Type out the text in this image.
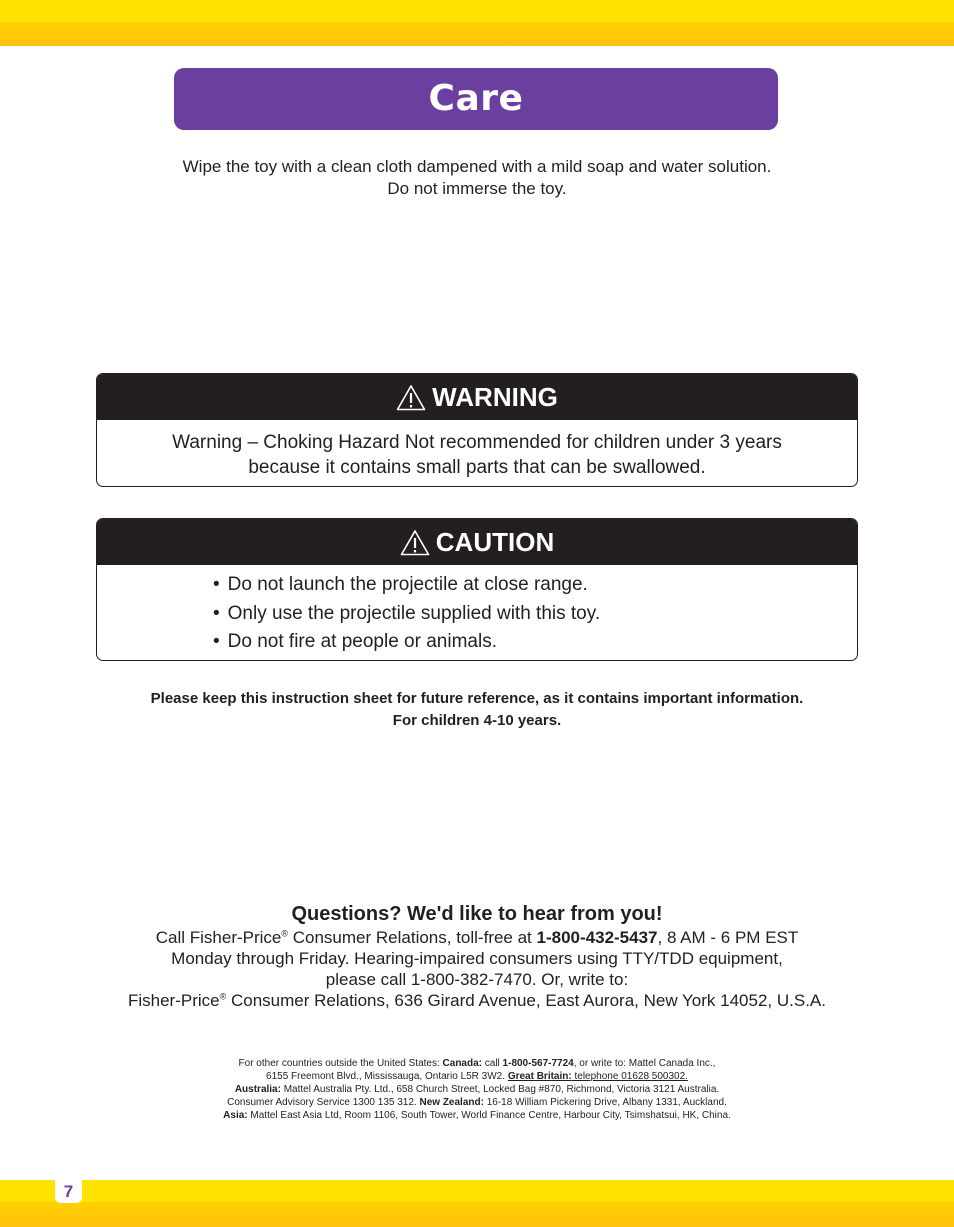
Care
Wipe the toy with a clean cloth dampened with a mild soap and water solution.
Do not immerse the toy.
WARNING
Warning – Choking Hazard Not recommended for children under 3 years
because it contains small parts that can be swallowed.
CAUTION
• Do not launch the projectile at close range.
• Only use the projectile supplied with this toy.
• Do not fire at people or animals.
Please keep this instruction sheet for future reference, as it contains important information.
For children 4-10 years.
Questions? We'd like to hear from you!
Call Fisher-Price® Consumer Relations, toll-free at 1-800-432-5437, 8 AM - 6 PM EST
Monday through Friday. Hearing-impaired consumers using TTY/TDD equipment,
please call 1-800-382-7470. Or, write to:
Fisher-Price® Consumer Relations, 636 Girard Avenue, East Aurora, New York 14052, U.S.A.
For other countries outside the United States: Canada: call 1-800-567-7724, or write to: Mattel Canada Inc.,
6155 Freemont Blvd., Mississauga, Ontario L5R 3W2. Great Britain: telephone 01628 500302.
Australia: Mattel Australia Pty. Ltd., 658 Church Street, Locked Bag #870, Richmond, Victoria 3121 Australia.
Consumer Advisory Service 1300 135 312. New Zealand: 16-18 William Pickering Drive, Albany 1331, Auckland.
Asia: Mattel East Asia Ltd, Room 1106, South Tower, World Finance Centre, Harbour City, Tsimshatsui, HK, China.
7
